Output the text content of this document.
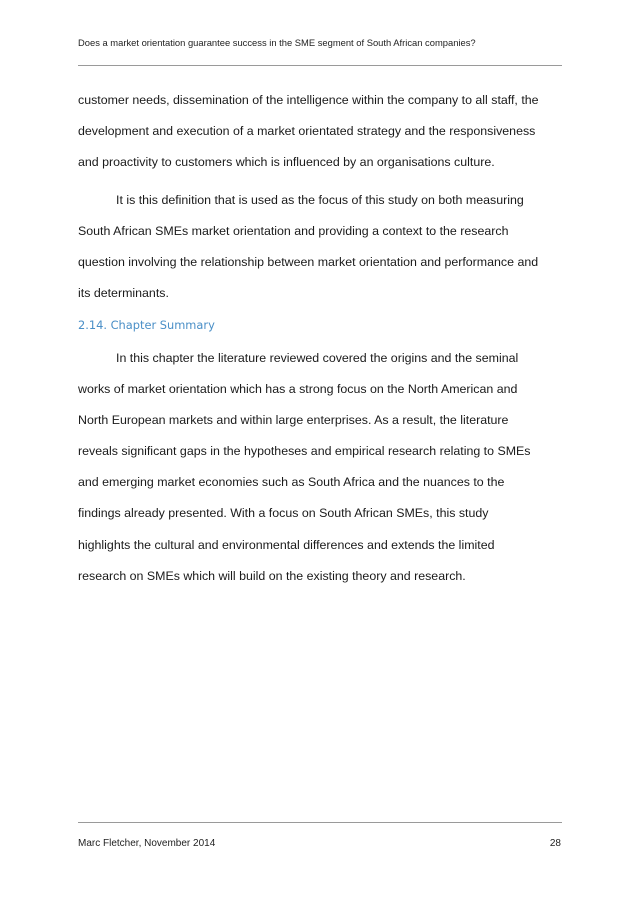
Does a market orientation guarantee success in the SME segment of South African companies?
customer needs, dissemination of the intelligence within the company to all staff, the
development and execution of a market orientated strategy and the responsiveness
and proactivity to customers which is influenced by an organisations culture.
It is this definition that is used as the focus of this study on both measuring
South African SMEs market orientation and providing a context to the research
question involving the relationship between market orientation and performance and
its determinants.
2.14. Chapter Summary
In this chapter the literature reviewed covered the origins and the seminal
works of market orientation which has a strong focus on the North American and
North European markets and within large enterprises. As a result, the literature
reveals significant gaps in the hypotheses and empirical research relating to SMEs
and emerging market economies such as South Africa and the nuances to the
findings already presented. With a focus on South African SMEs, this study
highlights the cultural and environmental differences and extends the limited
research on SMEs which will build on the existing theory and research.
Marc Fletcher, November 2014	28
